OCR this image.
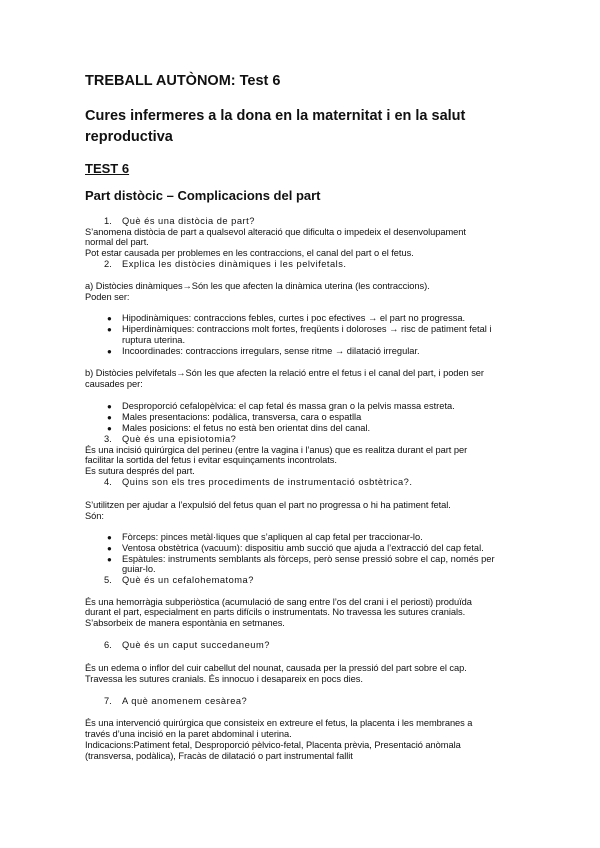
TREBALL AUTÒNOM: Test 6
Cures infermeres a la dona en la maternitat i en la salut
reproductiva
TEST 6
Part distòcic – Complicacions del part
1. Què és una distòcia de part?
S’anomena distòcia de part a qualsevol alteració que dificulta o impedeix el desenvolupament
normal del part.
Pot estar causada per problemes en les contraccions, el canal del part o el fetus.
2. Explica les distòcies dinàmiques i les pelvifetals.
a) Distòcies dinàmiques→Són les que afecten la dinàmica uterina (les contraccions).
Poden ser:
● Hipodinàmiques: contraccions febles, curtes i poc efectives → el part no progressa.
● Hiperdinàmiques: contraccions molt fortes, freqüents i doloroses → risc de patiment fetal i
ruptura uterina.
● Incoordinades: contraccions irregulars, sense ritme → dilatació irregular.
b) Distòcies pelvifetals→Són les que afecten la relació entre el fetus i el canal del part, i poden ser
causades per:
● Desproporció cefalopèlvica: el cap fetal és massa gran o la pelvis massa estreta.
● Males presentacions: podàlica, transversa, cara o espatlla
● Males posicions: el fetus no està ben orientat dins del canal.
3. Què és una episiotomia?
És una incisió quirúrgica del perineu (entre la vagina i l’anus) que es realitza durant el part per
facilitar la sortida del fetus i evitar esquinçaments incontrolats.
Es sutura després del part.
4. Quins son els tres procediments de instrumentació osbtètrica?.
S’utilitzen per ajudar a l’expulsió del fetus quan el part no progressa o hi ha patiment fetal.
Són:
● Fòrceps: pinces metàl·liques que s’apliquen al cap fetal per traccionar-lo.
● Ventosa obstètrica (vacuum): dispositiu amb succió que ajuda a l’extracció del cap fetal.
● Espàtules: instruments semblants als fòrceps, però sense pressió sobre el cap, només per
guiar-lo.
5. Què és un cefalohematoma?
És una hemorràgia subperiòstica (acumulació de sang entre l’os del crani i el periosti) produïda
durant el part, especialment en parts difícils o instrumentats. No travessa les sutures cranials.
S’absorbeix de manera espontània en setmanes.
6. Què és un caput succedaneum?
És un edema o inflor del cuir cabellut del nounat, causada per la pressió del part sobre el cap.
Travessa les sutures cranials. És innocuo i desapareix en pocs dies.
7. A què anomenem cesàrea?
És una intervenció quirúrgica que consisteix en extreure el fetus, la placenta i les membranes a
través d’una incisió en la paret abdominal i uterina.
Indicacions:Patiment fetal, Desproporció pèlvico-fetal, Placenta prèvia, Presentació anòmala
(transversa, podàlica), Fracàs de dilatació o part instrumental fallit
